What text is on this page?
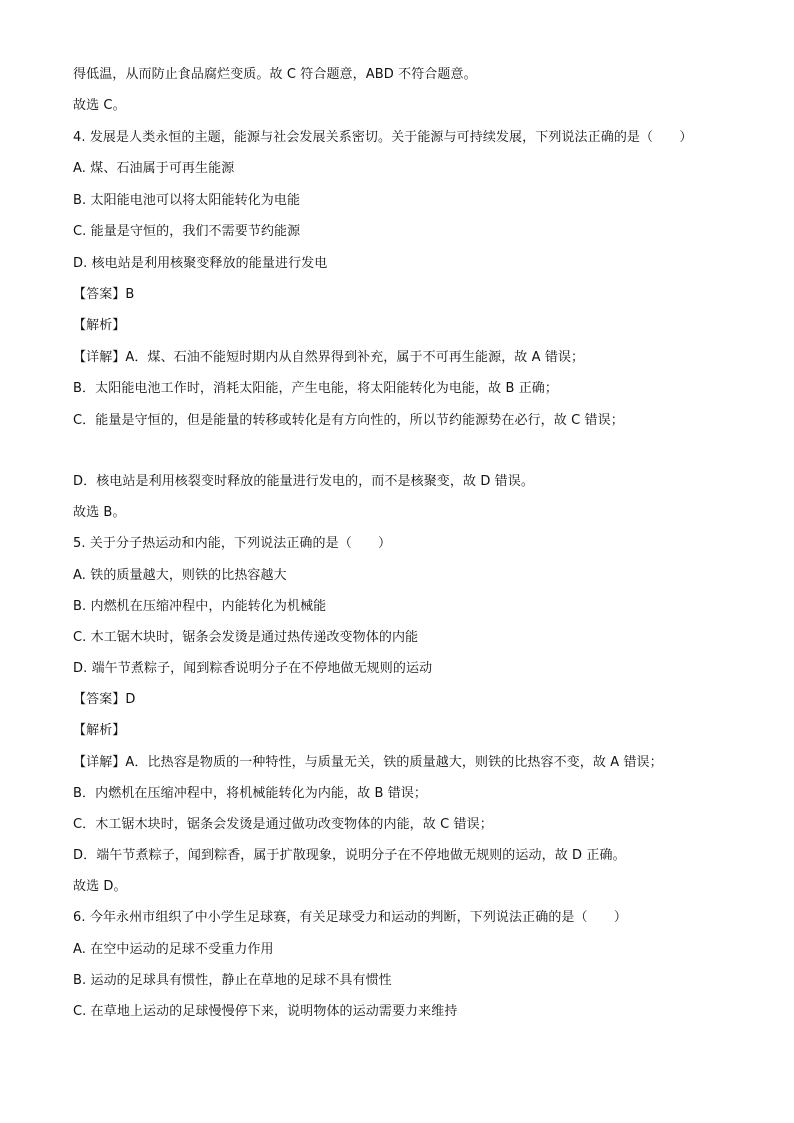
得低温，从而防止食品腐烂变质。故 C 符合题意，ABD 不符合题意。
故选 C。
4. 发展是人类永恒的主题，能源与社会发展关系密切。关于能源与可持续发展，下列说法正确的是（　　）
A. 煤、石油属于可再生能源
B. 太阳能电池可以将太阳能转化为电能
C. 能量是守恒的，我们不需要节约能源
D. 核电站是利用核聚变释放的能量进行发电
【答案】B
【解析】
【详解】A．煤、石油不能短时期内从自然界得到补充，属于不可再生能源，故 A 错误；
B．太阳能电池工作时，消耗太阳能，产生电能，将太阳能转化为电能，故 B 正确；
C．能量是守恒的，但是能量的转移或转化是有方向性的，所以节约能源势在必行，故 C 错误；
D．核电站是利用核裂变时释放的能量进行发电的，而不是核聚变，故 D 错误。
故选 B。
5. 关于分子热运动和内能，下列说法正确的是（　　）
A. 铁的质量越大，则铁的比热容越大
B. 内燃机在压缩冲程中，内能转化为机械能
C. 木工锯木块时，锯条会发烫是通过热传递改变物体的内能
D. 端午节煮粽子，闻到粽香说明分子在不停地做无规则的运动
【答案】D
【解析】
【详解】A．比热容是物质的一种特性，与质量无关，铁的质量越大，则铁的比热容不变，故 A 错误；
B．内燃机在压缩冲程中，将机械能转化为内能，故 B 错误；
C．木工锯木块时，锯条会发烫是通过做功改变物体的内能，故 C 错误；
D．端午节煮粽子，闻到粽香，属于扩散现象，说明分子在不停地做无规则的运动，故 D 正确。
故选 D。
6. 今年永州市组织了中小学生足球赛，有关足球受力和运动的判断，下列说法正确的是（　　）
A. 在空中运动的足球不受重力作用
B. 运动的足球具有惯性，静止在草地的足球不具有惯性
C. 在草地上运动的足球慢慢停下来，说明物体的运动需要力来维持
